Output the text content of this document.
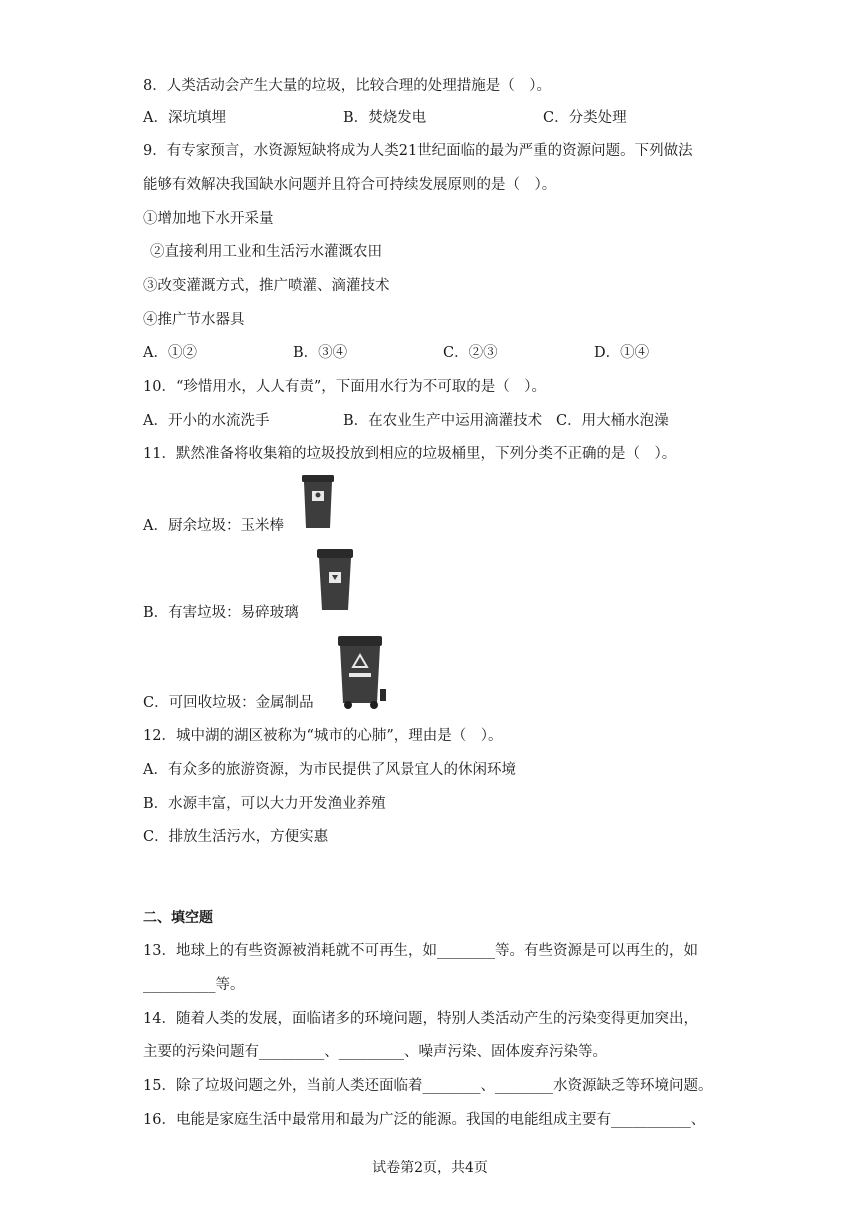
8．人类活动会产生大量的垃圾，比较合理的处理措施是（　）。
A．深坑填埋	B．焚烧发电	C．分类处理
9．有专家预言，水资源短缺将成为人类21世纪面临的最为严重的资源问题。下列做法
能够有效解决我国缺水问题并且符合可持续发展原则的是（　）。
①增加地下水开采量
②直接利用工业和生活污水灌溉农田
③改变灌溉方式，推广喷灌、滴灌技术
④推广节水器具
A．①②	B．③④	C．②③	D．①④
10．“珍惜用水，人人有责”，下面用水行为不可取的是（　）。
A．开小的水流洗手	B．在农业生产中运用滴灌技术 C．用大桶水泡澡
11．默然准备将收集箱的垃圾投放到相应的垃圾桶里，下列分类不正确的是（　）。
A．厨余垃圾：玉米棒
B．有害垃圾：易碎玻璃
C．可回收垃圾：金属制品
12．城中湖的湖区被称为“城市的心肺”，理由是（　）。
A．有众多的旅游资源，为市民提供了风景宜人的休闲环境
B．水源丰富，可以大力开发渔业养殖
C．排放生活污水，方便实惠
二、填空题
13．地球上的有些资源被消耗就不可再生，如________等。有些资源是可以再生的，如
__________等。
14．随着人类的发展，面临诸多的环境问题，特别人类活动产生的污染变得更加突出，
主要的污染问题有_________、_________、噪声污染、固体废弃污染等。
15．除了垃圾问题之外，当前人类还面临着________、________水资源缺乏等环境问题。
16．电能是家庭生活中最常用和最为广泛的能源。我国的电能组成主要有___________、
试卷第2页，共4页
